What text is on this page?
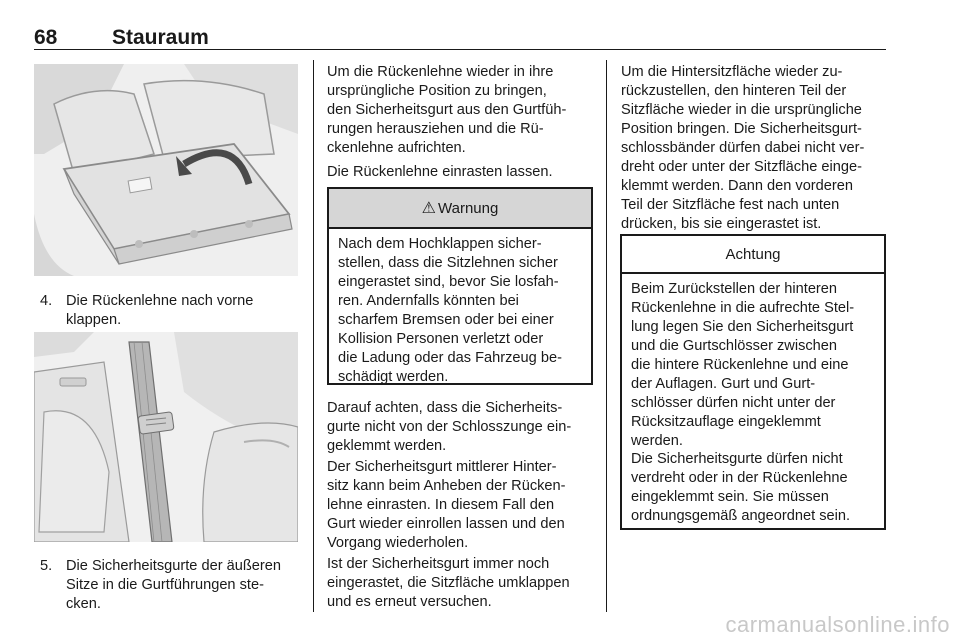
68	Stauraum
4. Die Rückenlehne nach vorne
klappen.
5. Die Sicherheitsgurte der äußeren
Sitze in die Gurtführungen ste-
cken.
Um die Rückenlehne wieder in ihre
ursprüngliche Position zu bringen,
den Sicherheitsgurt aus den Gurtfüh-
rungen herausziehen und die Rü-
ckenlehne aufrichten.
Die Rückenlehne einrasten lassen.
⚠ Warnung
Nach dem Hochklappen sicher-
stellen, dass die Sitzlehnen sicher
eingerastet sind, bevor Sie losfah-
ren. Andernfalls könnten bei
scharfem Bremsen oder bei einer
Kollision Personen verletzt oder
die Ladung oder das Fahrzeug be-
schädigt werden.
Darauf achten, dass die Sicherheits-
gurte nicht von der Schlosszunge ein-
geklemmt werden.
Der Sicherheitsgurt mittlerer Hinter-
sitz kann beim Anheben der Rücken-
lehne einrasten. In diesem Fall den
Gurt wieder einrollen lassen und den
Vorgang wiederholen.
Ist der Sicherheitsgurt immer noch
eingerastet, die Sitzfläche umklappen
und es erneut versuchen.
Um die Hintersitzfläche wieder zu-
rückzustellen, den hinteren Teil der
Sitzfläche wieder in die ursprüngliche
Position bringen. Die Sicherheitsgurt-
schlossbänder dürfen dabei nicht ver-
dreht oder unter der Sitzfläche einge-
klemmt werden. Dann den vorderen
Teil der Sitzfläche fest nach unten
drücken, bis sie eingerastet ist.
Achtung
Beim Zurückstellen der hinteren
Rückenlehne in die aufrechte Stel-
lung legen Sie den Sicherheitsgurt
und die Gurtschlösser zwischen
die hintere Rückenlehne und eine
der Auflagen. Gurt und Gurt-
schlösser dürfen nicht unter der
Rücksitzauflage eingeklemmt
werden.
Die Sicherheitsgurte dürfen nicht
verdreht oder in der Rückenlehne
eingeklemmt sein. Sie müssen
ordnungsgemäß angeordnet sein.
carmanualsonline.info
